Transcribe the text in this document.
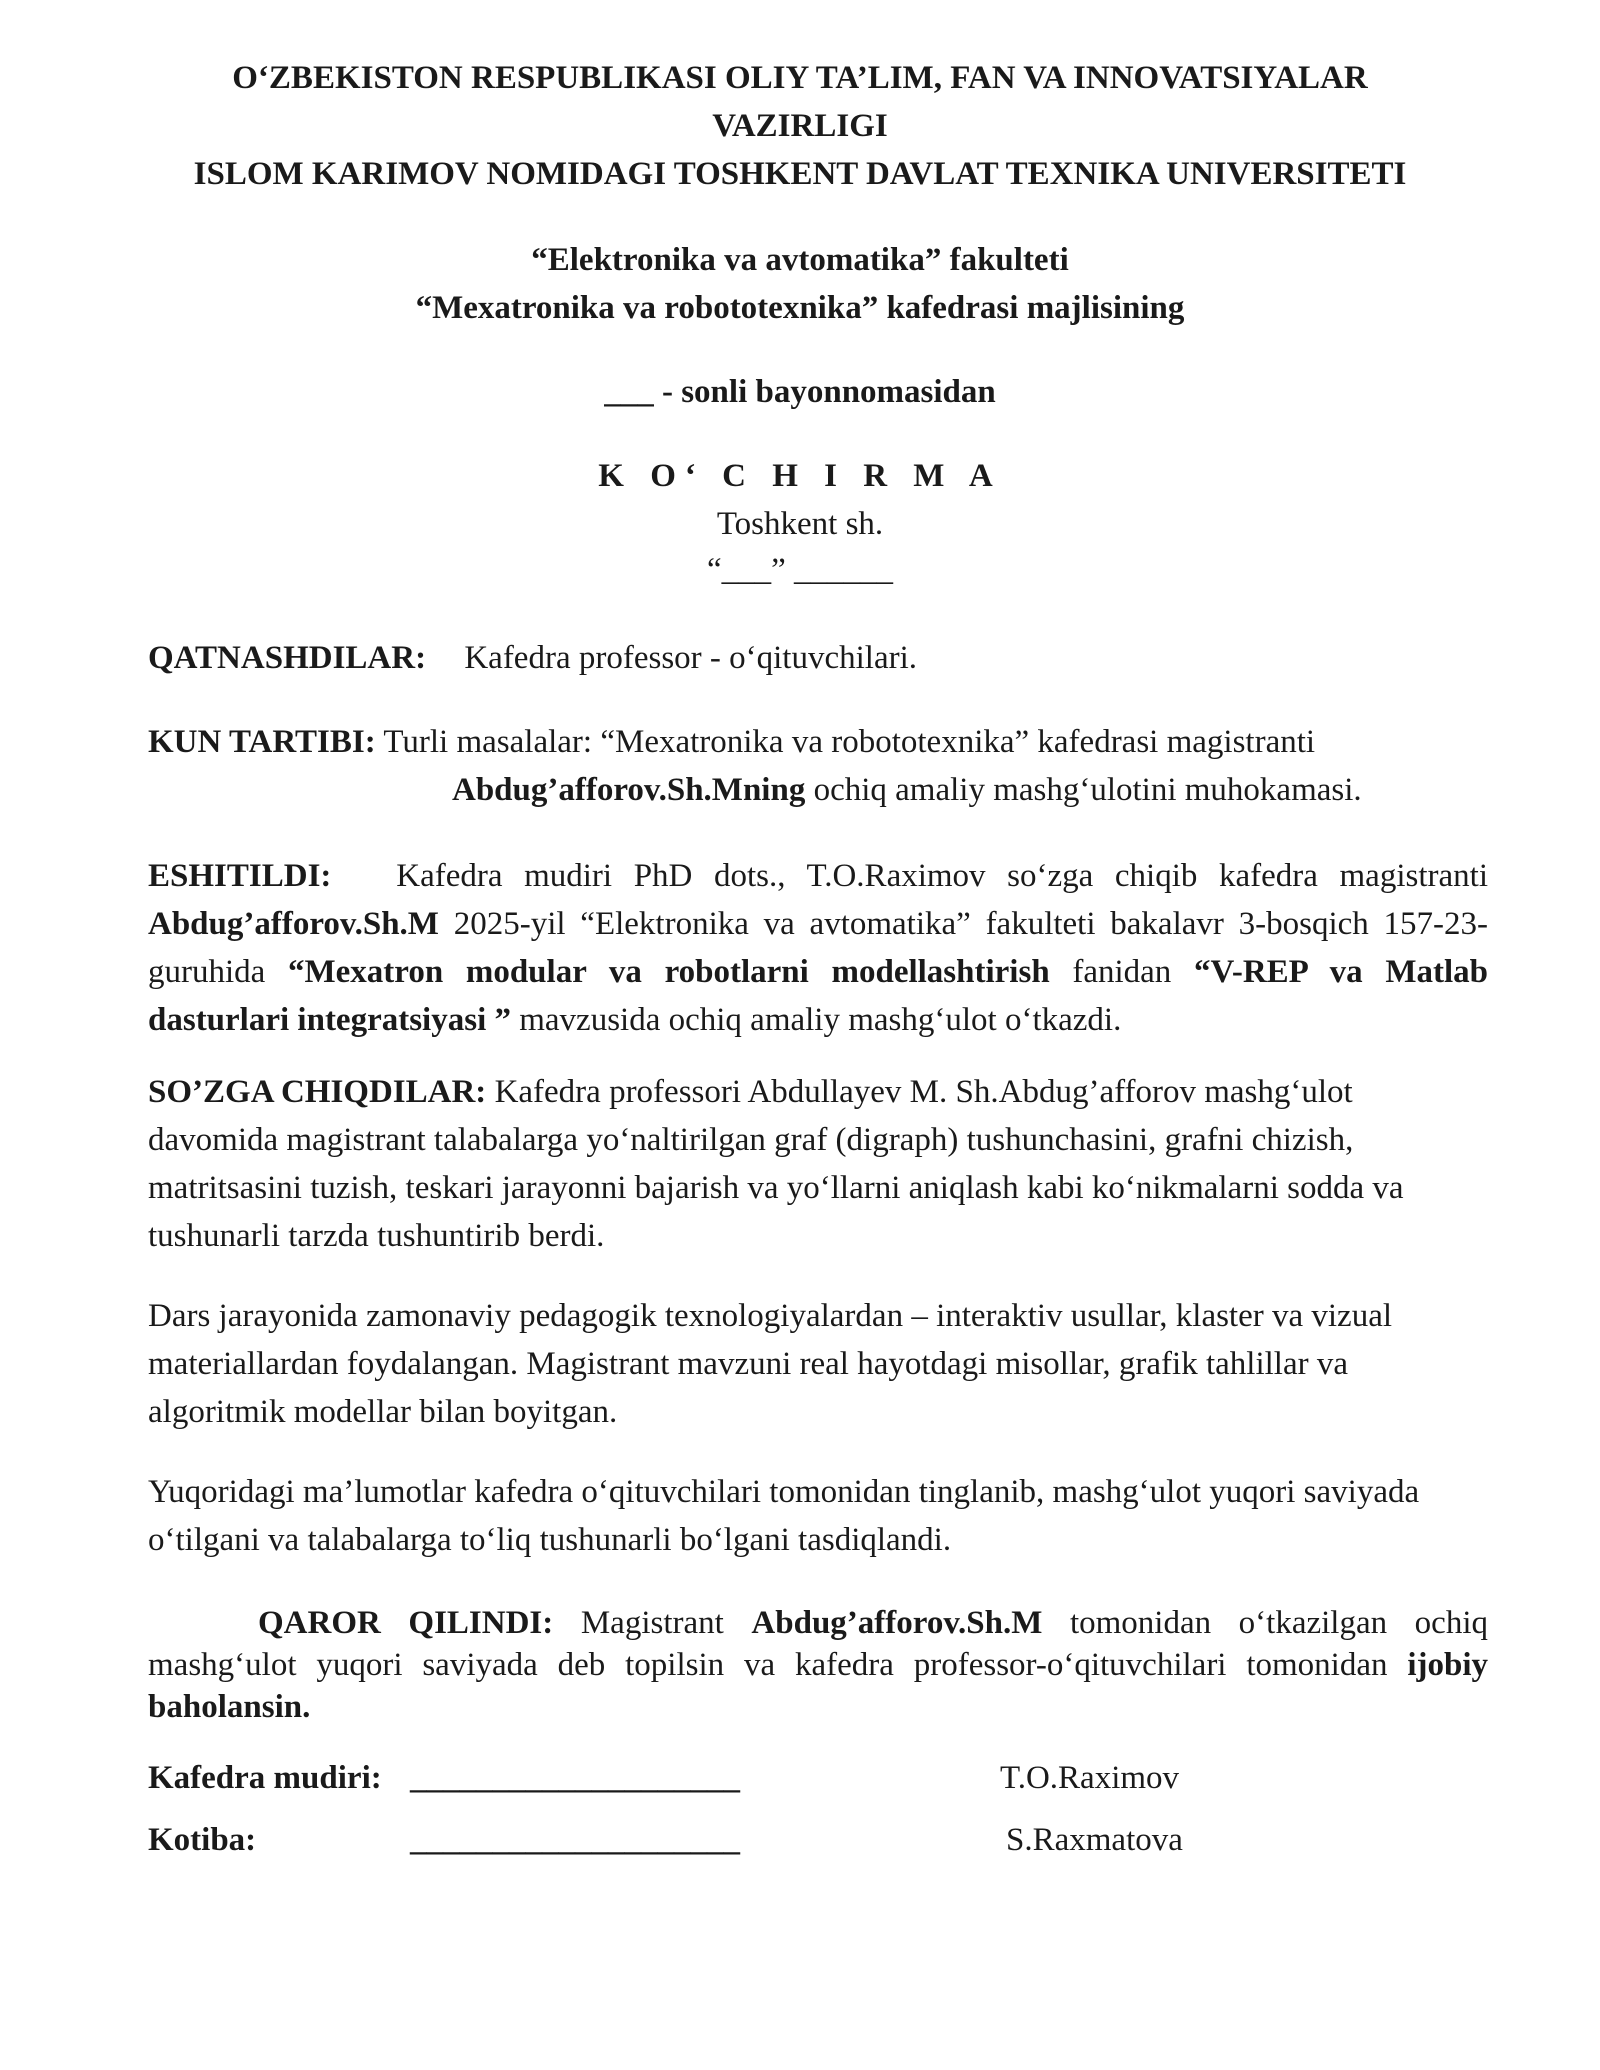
O‘ZBEKISTON RESPUBLIKASI OLIY TA’LIM, FAN VA INNOVATSIYALAR
VAZIRLIGI
ISLOM KARIMOV NOMIDAGI TOSHKENT DAVLAT TEXNIKA UNIVERSITETI
“Elektronika va avtomatika” fakulteti
“Mexatronika va robototexnika” kafedrasi majlisining
___ - sonli bayonnomasidan
K O‘ C H I R M A
Toshkent sh.
“___” ______
QATNASHDILAR: Kafedra professor - o‘qituvchilari.
KUN TARTIBI: Turli masalalar: “Mexatronika va robototexnika” kafedrasi magistranti
Abdug’afforov.Sh.Mning ochiq amaliy mashg‘ulotini muhokamasi.
ESHITILDI: Kafedra mudiri PhD dots., T.O.Raximov so‘zga chiqib kafedra magistranti Abdug’afforov.Sh.M 2025-yil “Elektronika va avtomatika” fakulteti bakalavr 3-bosqich 157-23-guruhida “Mexatron modular va robotlarni modellashtirish fanidan “V-REP va Matlab dasturlari integratsiyasi ” mavzusida ochiq amaliy mashg‘ulot o‘tkazdi.
SO’ZGA CHIQDILAR: Kafedra professori Abdullayev M. Sh.Abdug’afforov mashg‘ulot davomida magistrant talabalarga yo‘naltirilgan graf (digraph) tushunchasini, grafni chizish, matritsasini tuzish, teskari jarayonni bajarish va yo‘llarni aniqlash kabi ko‘nikmalarni sodda va tushunarli tarzda tushuntirib berdi.
Dars jarayonida zamonaviy pedagogik texnologiyalardan – interaktiv usullar, klaster va vizual materiallardan foydalangan. Magistrant mavzuni real hayotdagi misollar, grafik tahlillar va algoritmik modellar bilan boyitgan.
Yuqoridagi ma’lumotlar kafedra o‘qituvchilari tomonidan tinglanib, mashg‘ulot yuqori saviyada o‘tilgani va talabalarga to‘liq tushunarli bo‘lgani tasdiqlandi.
QAROR QILINDI: Magistrant Abdug’afforov.Sh.M tomonidan o‘tkazilgan ochiq mashg‘ulot yuqori saviyada deb topilsin va kafedra professor-o‘qituvchilari tomonidan ijobiy baholansin.
Kafedra mudiri: ____________________	T.O.Raximov
Kotiba:	____________________	S.Raxmatova
